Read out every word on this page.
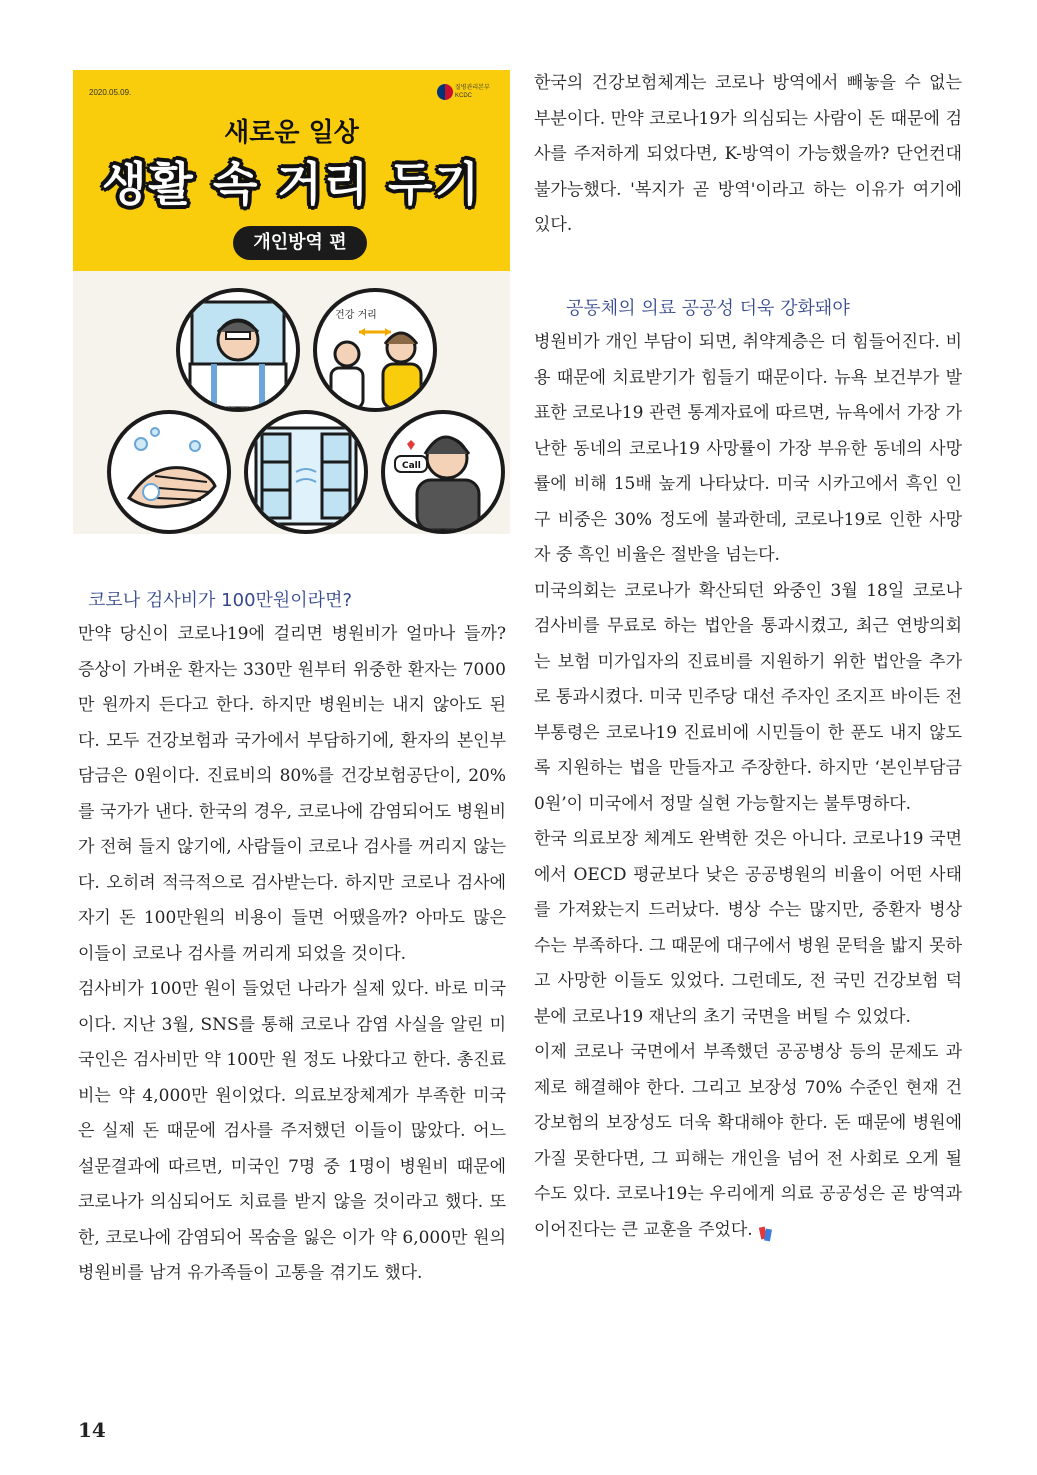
2020.05.09.	질병관리본부
KCDC
새로운 일상
생활 속 거리 두기
개인방역 편
건강 거리
Call
코로나 검사비가 100만원이라면?

만약 당신이 코로나19에 걸리면 병원비가 얼마나 들까? 증상이 가벼운 환자는 330만 원부터 위중한 환자는 7000만 원까지 든다고 한다. 하지만 병원비는 내지 않아도 된다. 모두 건강보험과 국가에서 부담하기에, 환자의 본인부담금은 0원이다. 진료비의 80%를 건강보험공단이, 20%를 국가가 낸다. 한국의 경우, 코로나에 감염되어도 병원비가 전혀 들지 않기에, 사람들이 코로나 검사를 꺼리지 않는다. 오히려 적극적으로 검사받는다. 하지만 코로나 검사에 자기 돈 100만원의 비용이 들면 어땠을까? 아마도 많은 이들이 코로나 검사를 꺼리게 되었을 것이다.

검사비가 100만 원이 들었던 나라가 실제 있다. 바로 미국이다. 지난 3월, SNS를 통해 코로나 감염 사실을 알린 미국인은 검사비만 약 100만 원 정도 나왔다고 한다. 총진료비는 약 4,000만 원이었다. 의료보장체계가 부족한 미국은 실제 돈 때문에 검사를 주저했던 이들이 많았다. 어느 설문결과에 따르면, 미국인 7명 중 1명이 병원비 때문에 코로나가 의심되어도 치료를 받지 않을 것이라고 했다. 또한, 코로나에 감염되어 목숨을 잃은 이가 약 6,000만 원의 병원비를 남겨 유가족들이 고통을 겪기도 했다.

한국의 건강보험체계는 코로나 방역에서 빼놓을 수 없는 부분이다. 만약 코로나19가 의심되는 사람이 돈 때문에 검사를 주저하게 되었다면, K-방역이 가능했을까? 단언컨대 불가능했다. '복지가 곧 방역'이라고 하는 이유가 여기에 있다.

공동체의 의료 공공성 더욱 강화돼야

병원비가 개인 부담이 되면, 취약계층은 더 힘들어진다. 비용 때문에 치료받기가 힘들기 때문이다. 뉴욕 보건부가 발표한 코로나19 관련 통계자료에 따르면, 뉴욕에서 가장 가난한 동네의 코로나19 사망률이 가장 부유한 동네의 사망률에 비해 15배 높게 나타났다. 미국 시카고에서 흑인 인구 비중은 30% 정도에 불과한데, 코로나19로 인한 사망자 중 흑인 비율은 절반을 넘는다.

미국의회는 코로나가 확산되던 와중인 3월 18일 코로나 검사비를 무료로 하는 법안을 통과시켰고, 최근 연방의회는 보험 미가입자의 진료비를 지원하기 위한 법안을 추가로 통과시켰다. 미국 민주당 대선 주자인 조지프 바이든 전 부통령은 코로나19 진료비에 시민들이 한 푼도 내지 않도록 지원하는 법을 만들자고 주장한다. 하지만 ‘본인부담금 0원’이 미국에서 정말 실현 가능할지는 불투명하다.

한국 의료보장 체계도 완벽한 것은 아니다. 코로나19 국면에서 OECD 평균보다 낮은 공공병원의 비율이 어떤 사태를 가져왔는지 드러났다. 병상 수는 많지만, 중환자 병상 수는 부족하다. 그 때문에 대구에서 병원 문턱을 밟지 못하고 사망한 이들도 있었다. 그런데도, 전 국민 건강보험 덕분에 코로나19 재난의 초기 국면을 버틸 수 있었다.

이제 코로나 국면에서 부족했던 공공병상 등의 문제도 과제로 해결해야 한다. 그리고 보장성 70% 수준인 현재 건강보험의 보장성도 더욱 확대해야 한다. 돈 때문에 병원에 가질 못한다면, 그 피해는 개인을 넘어 전 사회로 오게 될 수도 있다. 코로나19는 우리에게 의료 공공성은 곧 방역과 이어진다는 큰 교훈을 주었다.

14
